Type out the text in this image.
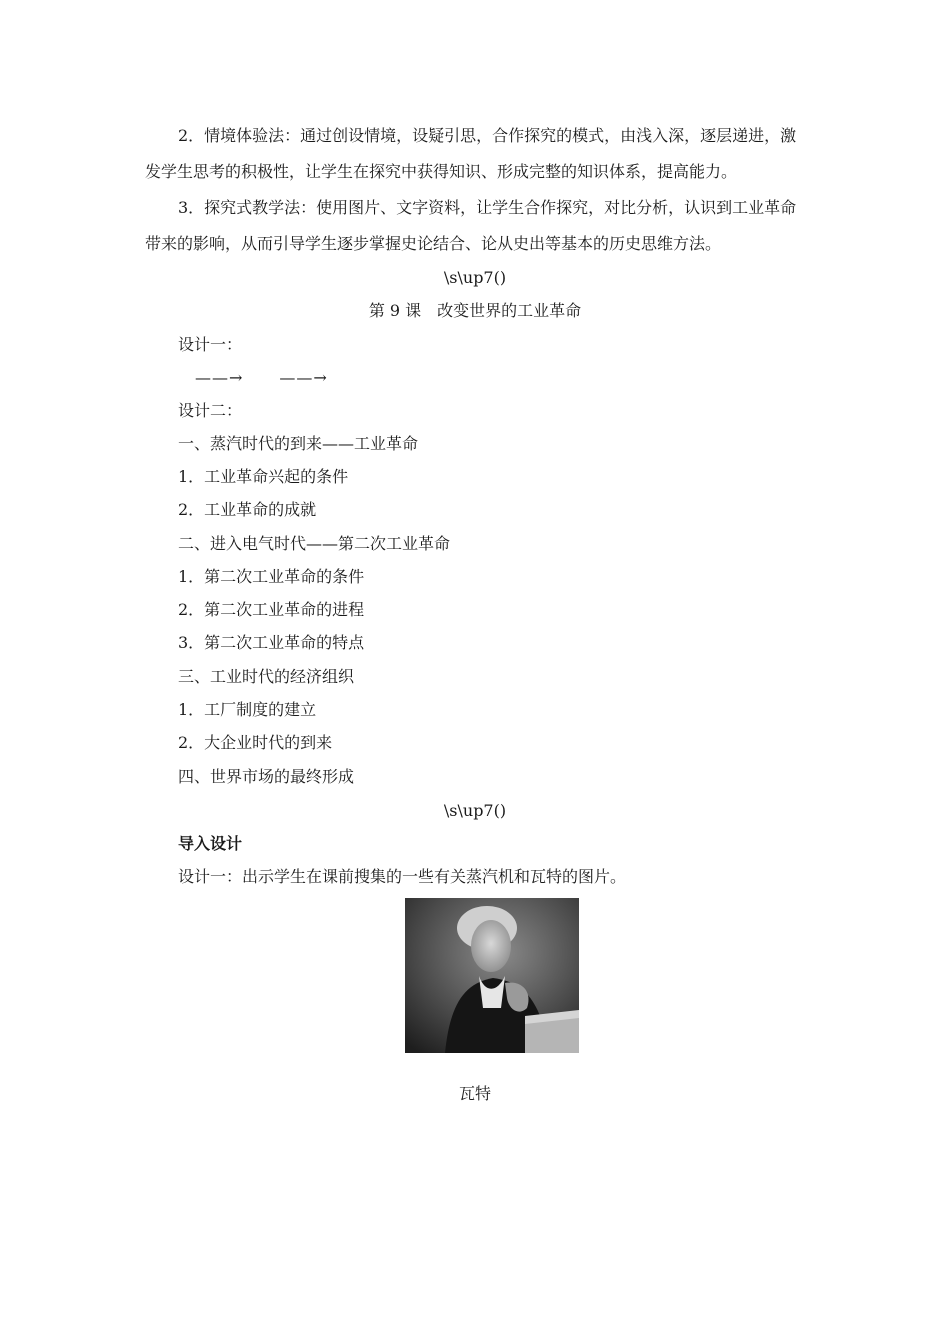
2．情境体验法：通过创设情境，设疑引思，合作探究的模式，由浅入深，逐层递进，激发学生思考的积极性，让学生在探究中获得知识、形成完整的知识体系，提高能力。

3．探究式教学法：使用图片、文字资料，让学生合作探究，对比分析，认识到工业革命带来的影响，从而引导学生逐步掌握史论结合、论从史出等基本的历史思维方法。

\s\up7()

第 9 课　改变世界的工业革命

设计一：

——→ ——→

设计二：

一、蒸汽时代的到来——工业革命

1．工业革命兴起的条件

2．工业革命的成就

二、进入电气时代——第二次工业革命

1．第二次工业革命的条件

2．第二次工业革命的进程

3．第二次工业革命的特点

三、工业时代的经济组织

1．工厂制度的建立

2．大企业时代的到来

四、世界市场的最终形成

\s\up7()

导入设计

设计一：出示学生在课前搜集的一些有关蒸汽机和瓦特的图片。

瓦特
